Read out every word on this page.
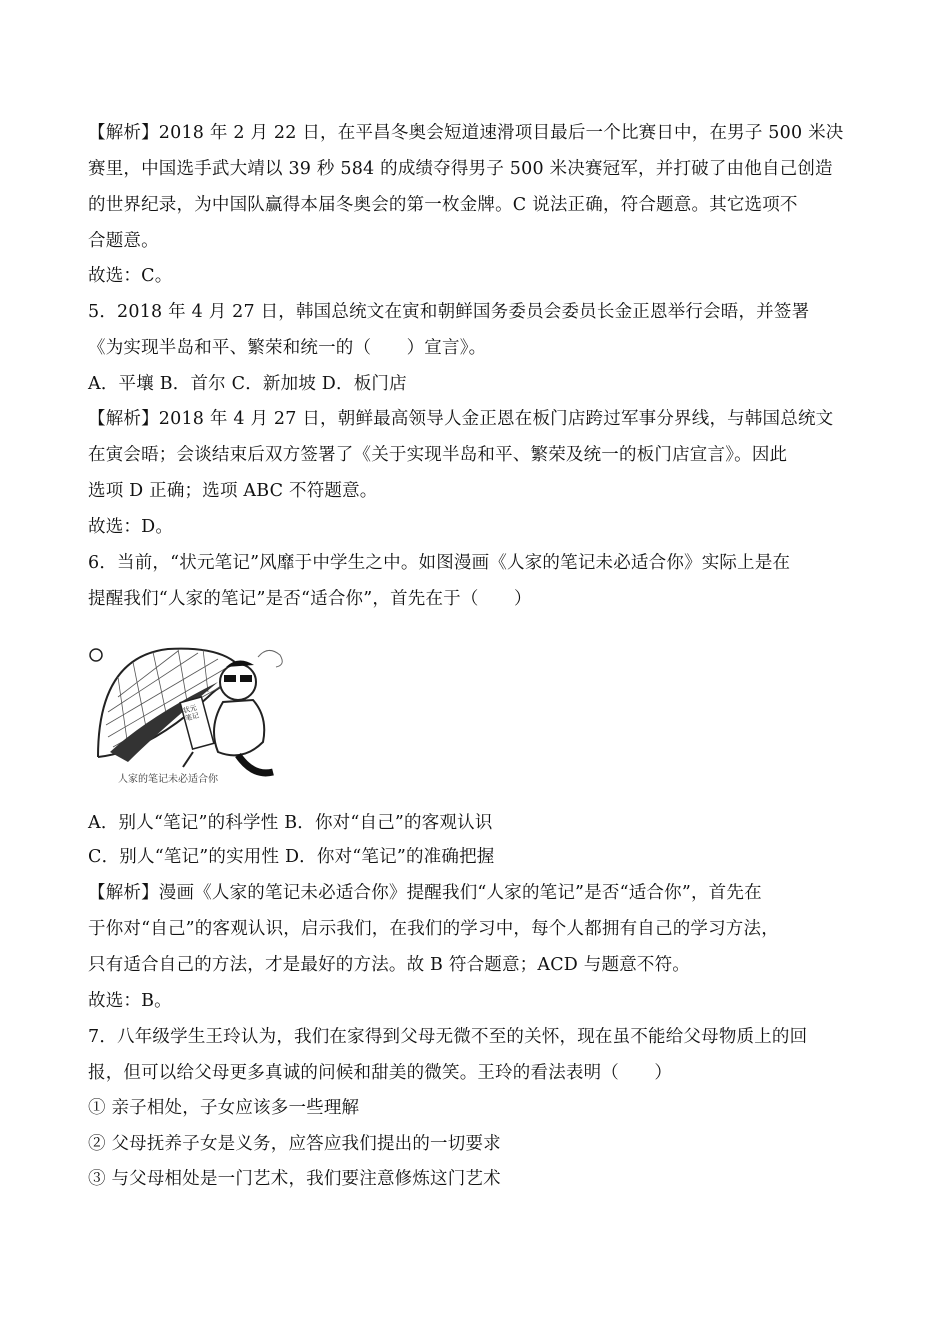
【解析】2018 年 2 月 22 日，在平昌冬奥会短道速滑项目最后一个比赛日中，在男子 500 米决
赛里，中国选手武大靖以 39 秒 584 的成绩夺得男子 500 米决赛冠军，并打破了由他自己创造
的世界纪录，为中国队赢得本届冬奥会的第一枚金牌。C 说法正确，符合题意。其它选项不
合题意。
故选：C。
5．2018 年 4 月 27 日，韩国总统文在寅和朝鲜国务委员会委员长金正恩举行会晤，并签署
《为实现半岛和平、繁荣和统一的（　　）宣言》。
A．平壤 B．首尔 C．新加坡 D．板门店
【解析】2018 年 4 月 27 日，朝鲜最高领导人金正恩在板门店跨过军事分界线，与韩国总统文
在寅会晤；会谈结束后双方签署了《关于实现半岛和平、繁荣及统一的板门店宣言》。因此
选项 D 正确；选项 ABC 不符题意。
故选：D。
6．当前，“状元笔记”风靡于中学生之中。如图漫画《人家的笔记未必适合你》实际上是在
提醒我们“人家的笔记”是否“适合你”，首先在于（　　）
状元笔记
人家的笔记未必适合你
A．别人“笔记”的科学性 B．你对“自己”的客观认识
C．别人“笔记”的实用性 D．你对“笔记”的准确把握
【解析】漫画《人家的笔记未必适合你》提醒我们“人家的笔记”是否“适合你”，首先在
于你对“自己”的客观认识，启示我们，在我们的学习中，每个人都拥有自己的学习方法，
只有适合自己的方法，才是最好的方法。故 B 符合题意；ACD 与题意不符。
故选：B。
7．八年级学生王玲认为，我们在家得到父母无微不至的关怀，现在虽不能给父母物质上的回
报，但可以给父母更多真诚的问候和甜美的微笑。王玲的看法表明（　　）
① 亲子相处，子女应该多一些理解
② 父母抚养子女是义务，应答应我们提出的一切要求
③ 与父母相处是一门艺术，我们要注意修炼这门艺术
